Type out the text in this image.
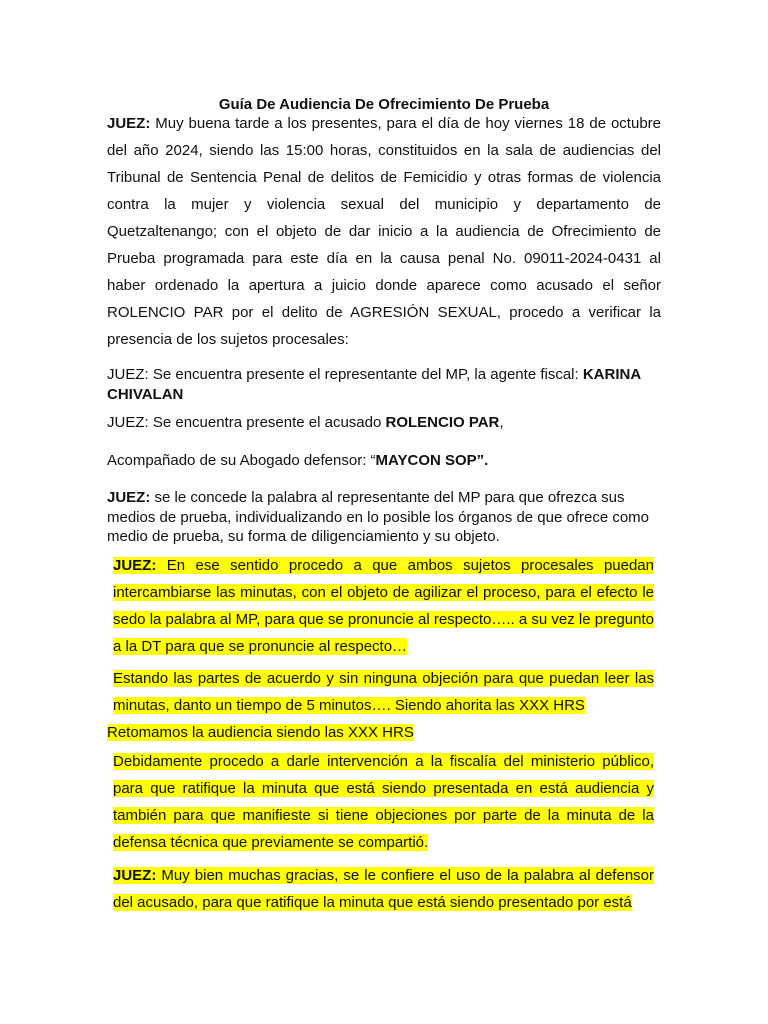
Guía De Audiencia De Ofrecimiento De Prueba

JUEZ: Muy buena tarde a los presentes, para el día de hoy viernes 18 de octubre del año 2024, siendo las 15:00 horas, constituidos en la sala de audiencias del Tribunal de Sentencia Penal de delitos de Femicidio y otras formas de violencia contra la mujer y violencia sexual del municipio y departamento de Quetzaltenango; con el objeto de dar inicio a la audiencia de Ofrecimiento de Prueba programada para este día en la causa penal No. 09011-2024-0431 al haber ordenado la apertura a juicio donde aparece como acusado el señor ROLENCIO PAR por el delito de AGRESIÓN SEXUAL, procedo a verificar la presencia de los sujetos procesales:

JUEZ: Se encuentra presente el representante del MP, la agente fiscal: KARINA CHIVALAN

JUEZ: Se encuentra presente el acusado ROLENCIO PAR,

Acompañado de su Abogado defensor: “MAYCON SOP”.

JUEZ: se le concede la palabra al representante del MP para que ofrezca sus medios de prueba, individualizando en lo posible los órganos de que ofrece como medio de prueba, su forma de diligenciamiento y su objeto.

JUEZ: En ese sentido procedo a que ambos sujetos procesales puedan intercambiarse las minutas, con el objeto de agilizar el proceso, para el efecto le sedo la palabra al MP, para que se pronuncie al respecto….. a su vez le pregunto a la DT para que se pronuncie al respecto…

Estando las partes de acuerdo y sin ninguna objeción para que puedan leer las minutas, danto un tiempo de 5 minutos…. Siendo ahorita las XXX HRS

Retomamos la audiencia siendo las XXX HRS

Debidamente procedo a darle intervención a la fiscalía del ministerio público, para que ratifique la minuta que está siendo presentada en está audiencia y también para que manifieste si tiene objeciones por parte de la minuta de la defensa técnica que previamente se compartió.

JUEZ: Muy bien muchas gracias, se le confiere el uso de la palabra al defensor del acusado, para que ratifique la minuta que está siendo presentado por está
